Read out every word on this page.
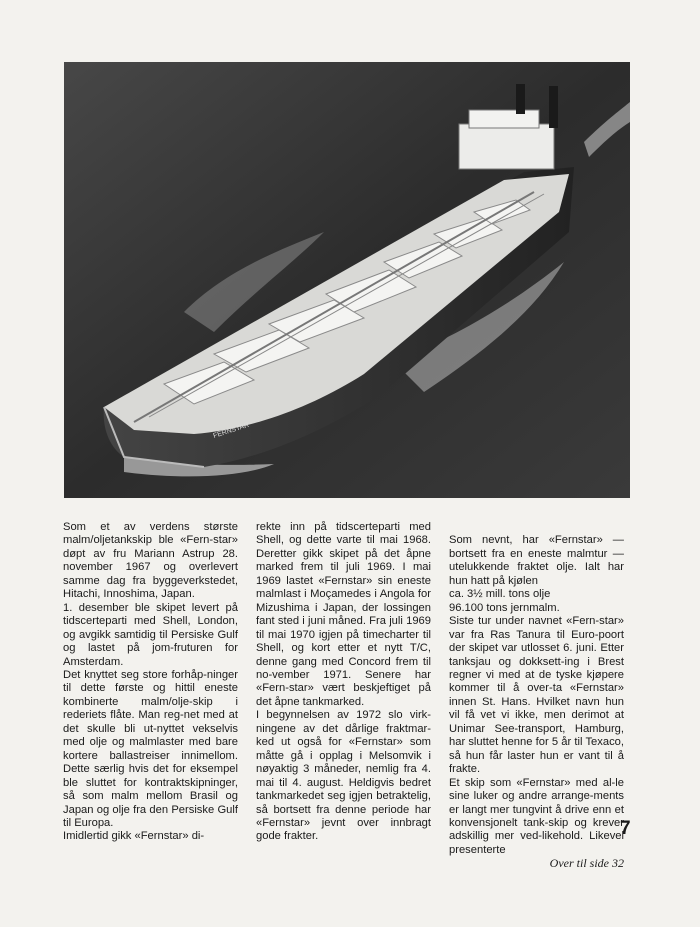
FERNSTAR
Som et av verdens største malm/oljetankskip ble «Fern-star» døpt av fru Mariann Astrup 28. november 1967 og overlevert samme dag fra byggeverkstedet, Hitachi, Innoshima, Japan.
1. desember ble skipet levert på tidscerteparti med Shell, London, og avgikk samtidig til Persiske Gulf og lastet på jom-fruturen for Amsterdam.
Det knyttet seg store forhåp-ninger til dette første og hittil eneste kombinerte malm/olje-skip i rederiets flåte. Man reg-net med at det skulle bli ut-nyttet vekselvis med olje og malmlaster med bare kortere ballastreiser innimellom. Dette særlig hvis det for eksempel ble sluttet for kontraktskipninger, så som malm mellom Brasil og Japan og olje fra den Persiske Gulf til Europa.
Imidlertid gikk «Fernstar» di-
rekte inn på tidscerteparti med Shell, og dette varte til mai 1968. Deretter gikk skipet på det åpne marked frem til juli 1969. I mai 1969 lastet «Fernstar» sin eneste malmlast i Moçamedes i Angola for Mizushima i Japan, der lossingen fant sted i juni måned. Fra juli 1969 til mai 1970 igjen på timecharter til Shell, og kort etter et nytt T/C, denne gang med Concord frem til no-vember 1971. Senere har «Fern-star» vært beskjeftiget på det åpne tankmarked.
I begynnelsen av 1972 slo virk-ningene av det dårlige fraktmar-ked ut også for «Fernstar» som måtte gå i opplag i Melsomvik i nøyaktig 3 måneder, nemlig fra 4. mai til 4. august. Heldigvis bedret tankmarkedet seg igjen betraktelig, så bortsett fra denne periode har «Fernstar» jevnt over innbragt gode frakter.

Som nevnt, har «Fernstar» — bortsett fra en eneste malmtur — utelukkende fraktet olje. Ialt har hun hatt på kjølen
ca. 3½ mill. tons olje
96.100 tons jernmalm.
Siste tur under navnet «Fern-star» var fra Ras Tanura til Euro-poort der skipet var utlosset 6. juni. Etter tanksjau og dokksett-ing i Brest regner vi med at de tyske kjøpere kommer til å over-ta «Fernstar» innen St. Hans. Hvilket navn hun vil få vet vi ikke, men derimot at Unimar See-transport, Hamburg, har sluttet henne for 5 år til Texaco, så hun får laster hun er vant til å frakte.
Et skip som «Fernstar» med al-le sine luker og andre arrange-ments er langt mer tungvint å drive enn et konvensjonelt tank-skip og krever adskillig mer ved-likehold. Likevel presenterte

Over til side 32

7
